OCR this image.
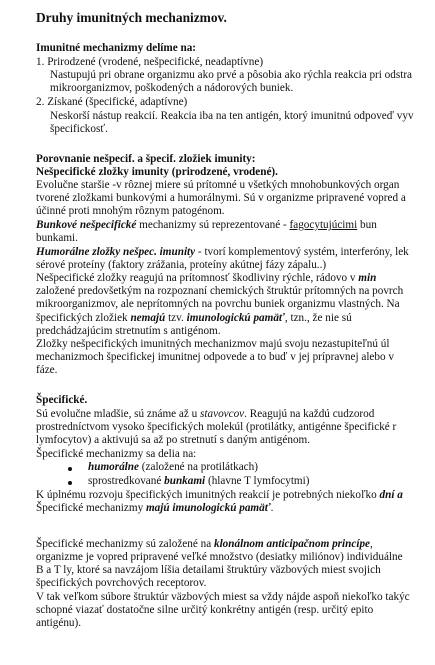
Druhy imunitných mechanizmov.
Imunitné mechanizmy delíme na:
1. Prirodzené (vrodené, nešpecifické, neadaptívne)
Nastupujú pri obrane organizmu ako prvé a pôsobia ako rýchla reakcia pri odstra
mikroorganizmov, poškodených a nádorových buniek.
2. Získané (špecifické, adaptívne)
Neskorší nástup reakcií. Reakcia iba na ten antigén, ktorý imunitnú odpoveď vyv
špecifickosť.
Porovnanie nešpecif. a špecif. zložiek imunity:
Nešpecifické zložky imunity (prirodzené, vrodené).
Evolučne staršie -v rôznej miere sú prítomné u všetkých mnohobunkových organ
tvorené zložkami bunkovými a humorálnymi. Sú v organizme pripravené vopred a
účinné proti mnohým rôznym patogénom.
Bunkové nešpecifické mechanizmy sú reprezentované - fagocytujúcimi bun
bunkami.
Humorálne zložky nešpec. imunity - tvorí komplementový systém, interferóny, lek
sérové proteíny (faktory zrážania, proteíny akútnej fázy zápalu..)
Nešpecifické zložky reagujú na prítomnosť škodliviny rýchle, rádovo v min
založené predovšetkým na rozpoznaní chemických štruktúr prítomných na povrch
mikroorganizmov, ale neprítomných na povrchu buniek organizmu vlastných. Na
špecifických zložiek nemajú tzv. imunologickú pamäť, tzn., že nie sú
predchádzajúcim stretnutím s antigénom.
Zložky nešpecifických imunitných mechanizmov majú svoju nezastupiteľnú úl
mechanizmoch špecifickej imunitnej odpovede a to buď v jej prípravnej alebo v
fáze.
Špecifické.
Sú evolučne mladšie, sú známe až u stavovcov. Reagujú na každú cudzorod
prostredníctvom vysoko špecifických molekúl (protilátky, antigénne špecifické r
lymfocytov) a aktivujú sa až po stretnutí s daným antigénom.
Špecifické mechanizmy sa delia na:
humorálne (založené na protilátkach)
sprostredkované bunkami (hlavne T lymfocytmi)
K úplnému rozvoju špecifických imunitných reakcií je potrebných niekoľko dní a
Špecifické mechanizmy majú imunologickú pamäť.
Špecifické mechanizmy sú založené na klonálnom anticipačnom princípe,
organizme je vopred pripravené veľké množstvo (desiatky miliónov) individuálne
B a T ly, ktoré sa navzájom líšia detailami štruktúry väzbových miest svojich
špecifických povrchových receptorov.
V tak veľkom súbore štruktúr väzbových miest sa vždy nájde aspoň niekoľko takýc
schopné viazať dostatočne silne určitý konkrétny antigén (resp. určitý epito
antigénu).
